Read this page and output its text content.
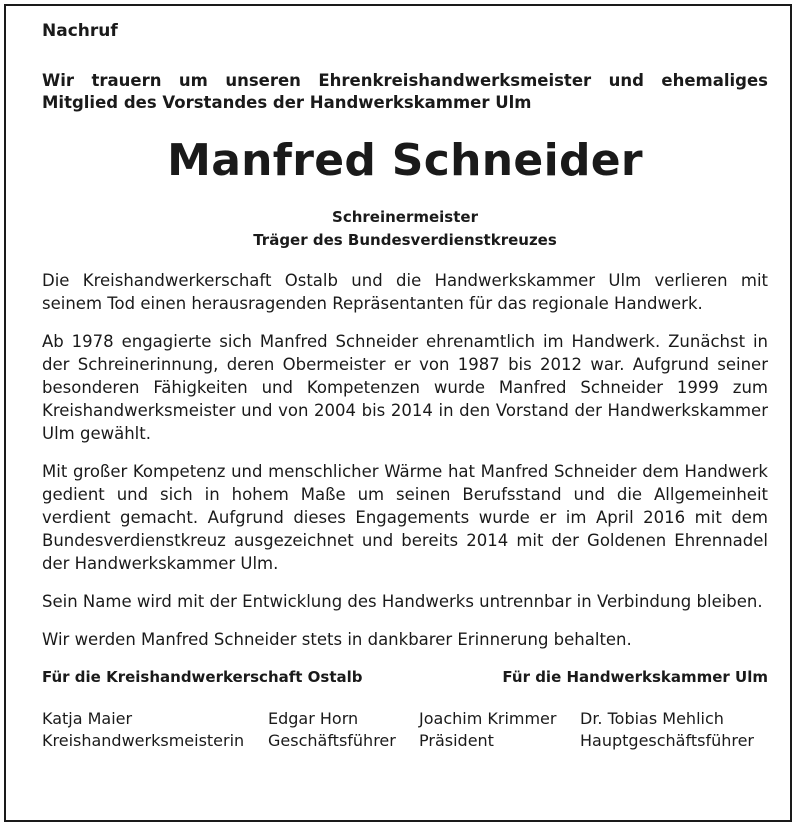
Nachruf
Wir trauern um unseren Ehrenkreishandwerksmeister und ehemaliges Mitglied des Vorstandes der Handwerkskammer Ulm
Manfred Schneider
Schreinermeister
Träger des Bundesverdienstkreuzes
Die Kreishandwerkerschaft Ostalb und die Handwerkskammer Ulm verlieren mit seinem Tod einen herausragenden Repräsentanten für das regionale Handwerk.
Ab 1978 engagierte sich Manfred Schneider ehrenamtlich im Handwerk. Zunächst in der Schreinerinnung, deren Obermeister er von 1987 bis 2012 war. Aufgrund seiner besonderen Fähigkeiten und Kompetenzen wurde Manfred Schneider 1999 zum Kreishandwerksmeister und von 2004 bis 2014 in den Vorstand der Handwerkskammer Ulm gewählt.
Mit großer Kompetenz und menschlicher Wärme hat Manfred Schneider dem Handwerk gedient und sich in hohem Maße um seinen Berufsstand und die Allgemeinheit verdient gemacht. Aufgrund dieses Engagements wurde er im April 2016 mit dem Bundesverdienstkreuz ausgezeichnet und bereits 2014 mit der Goldenen Ehrennadel der Handwerkskammer Ulm.
Sein Name wird mit der Entwicklung des Handwerks untrennbar in Verbindung bleiben.
Wir werden Manfred Schneider stets in dankbarer Erinnerung behalten.
Für die Kreishandwerkerschaft Ostalb	Für die Handwerkskammer Ulm
Katja Maier
Kreishandwerksmeisterin
Edgar Horn
Geschäftsführer
Joachim Krimmer
Präsident
Dr. Tobias Mehlich
Hauptgeschäftsführer
